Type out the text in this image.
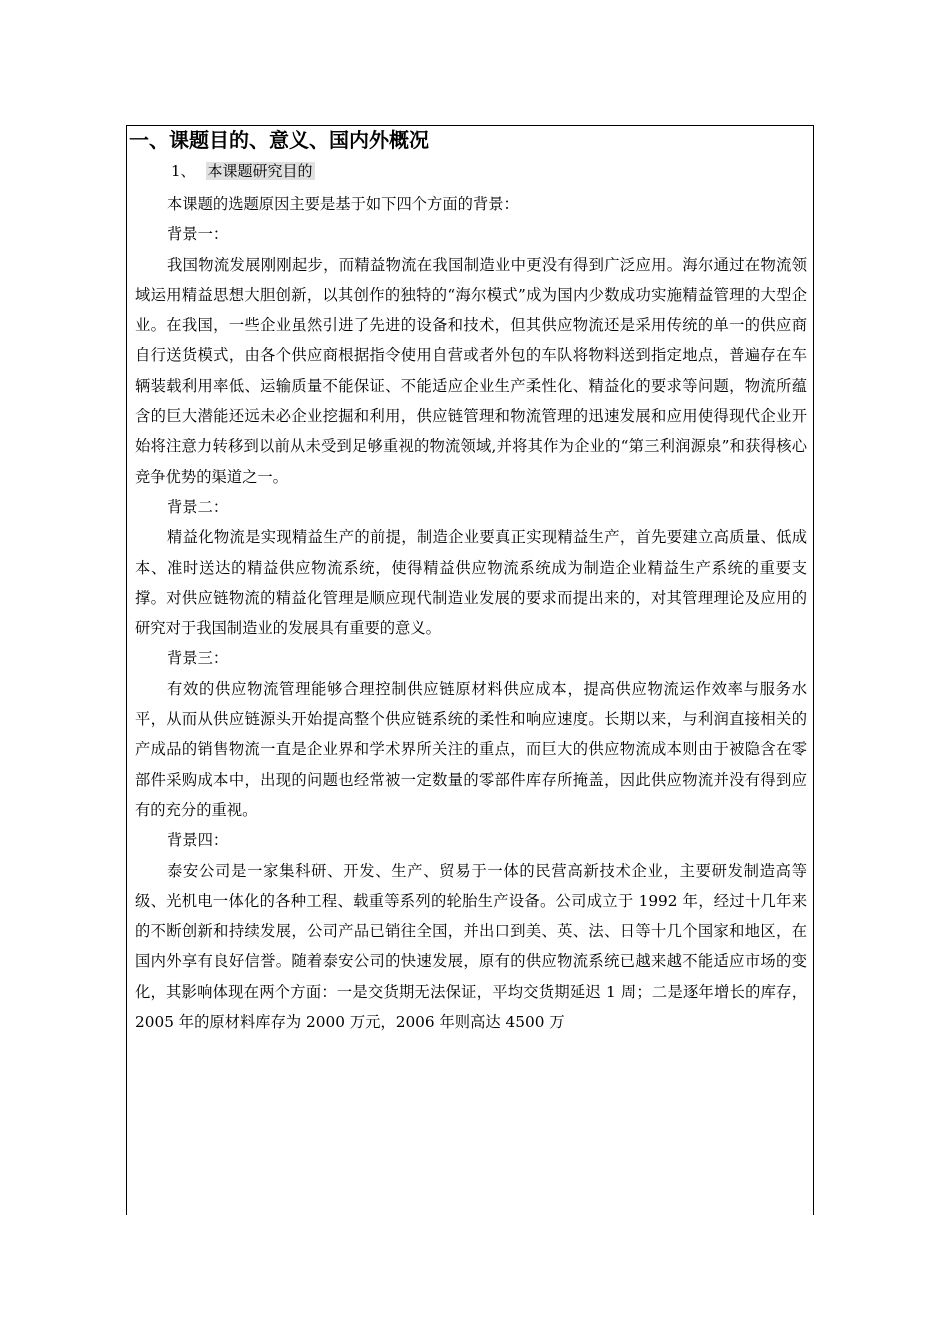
一、课题目的、意义、国内外概况
1、 本课题研究目的

本课题的选题原因主要是基于如下四个方面的背景：

背景一：

我国物流发展刚刚起步，而精益物流在我国制造业中更没有得到广泛应用。海尔通过在物流领域运用精益思想大胆创新，以其创作的独特的“海尔模式”成为国内少数成功实施精益管理的大型企业。在我国，一些企业虽然引进了先进的设备和技术，但其供应物流还是采用传统的单一的供应商自行送货模式，由各个供应商根据指令使用自营或者外包的车队将物料送到指定地点，普遍存在车辆装载利用率低、运输质量不能保证、不能适应企业生产柔性化、精益化的要求等问题，物流所蕴含的巨大潜能还远未必企业挖掘和利用，供应链管理和物流管理的迅速发展和应用使得现代企业开始将注意力转移到以前从未受到足够重视的物流领域,并将其作为企业的“第三利润源泉”和获得核心竞争优势的渠道之一。

背景二：

精益化物流是实现精益生产的前提，制造企业要真正实现精益生产，首先要建立高质量、低成本、准时送达的精益供应物流系统，使得精益供应物流系统成为制造企业精益生产系统的重要支撑。对供应链物流的精益化管理是顺应现代制造业发展的要求而提出来的，对其管理理论及应用的研究对于我国制造业的发展具有重要的意义。

背景三：

有效的供应物流管理能够合理控制供应链原材料供应成本，提高供应物流运作效率与服务水平，从而从供应链源头开始提高整个供应链系统的柔性和响应速度。长期以来，与利润直接相关的产成品的销售物流一直是企业界和学术界所关注的重点，而巨大的供应物流成本则由于被隐含在零部件采购成本中，出现的问题也经常被一定数量的零部件库存所掩盖，因此供应物流并没有得到应有的充分的重视。

背景四：

泰安公司是一家集科研、开发、生产、贸易于一体的民营高新技术企业，主要研发制造高等级、光机电一体化的各种工程、载重等系列的轮胎生产设备。公司成立于 1992 年，经过十几年来的不断创新和持续发展，公司产品已销往全国，并出口到美、英、法、日等十几个国家和地区，在国内外享有良好信誉。随着泰安公司的快速发展，原有的供应物流系统已越来越不能适应市场的变化，其影响体现在两个方面：一是交货期无法保证，平均交货期延迟 1 周；二是逐年增长的库存，2005 年的原材料库存为 2000 万元，2006 年则高达 4500 万
